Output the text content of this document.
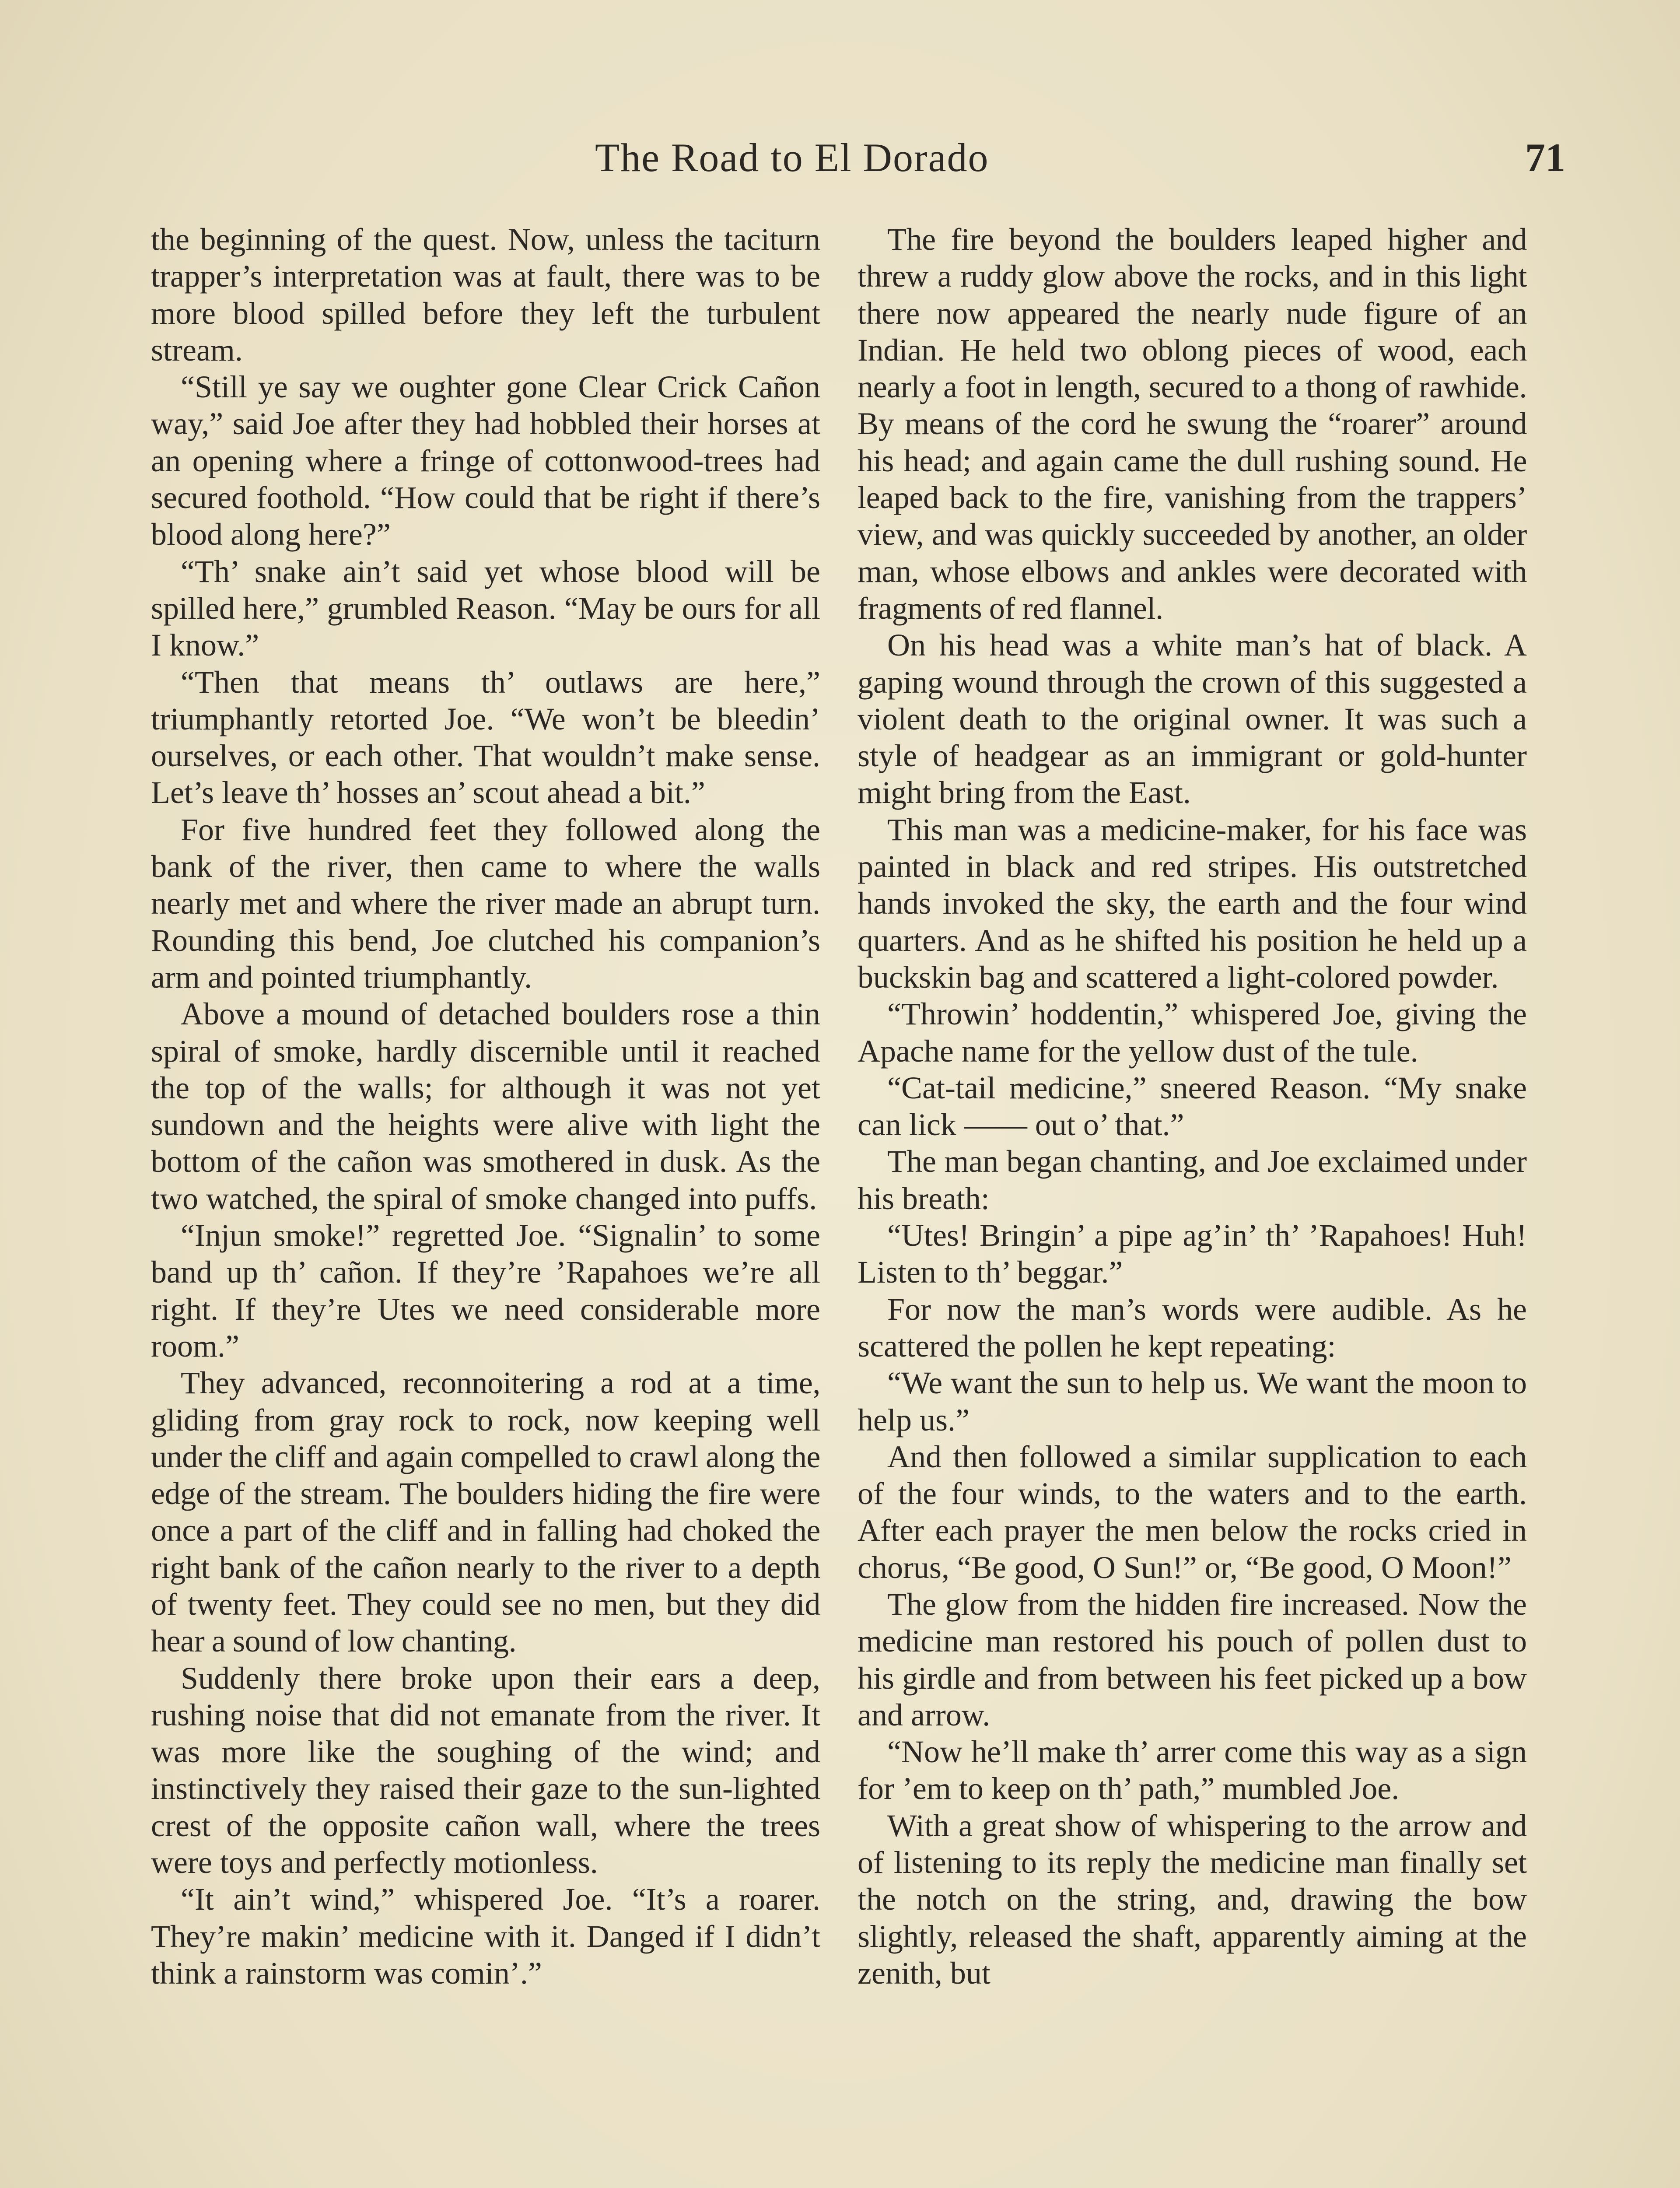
The Road to El Dorado	71

the beginning of the quest. Now, unless the taciturn trapper’s interpretation was at fault, there was to be more blood spilled before they left the turbulent stream.

“Still ye say we oughter gone Clear Crick Cañon way,” said Joe after they had hobbled their horses at an opening where a fringe of cottonwood-trees had secured foothold. “How could that be right if there’s blood along here?”

“Th’ snake ain’t said yet whose blood will be spilled here,” grumbled Reason. “May be ours for all I know.”

“Then that means th’ outlaws are here,” triumphantly retorted Joe. “We won’t be bleedin’ ourselves, or each other. That wouldn’t make sense. Let’s leave th’ hosses an’ scout ahead a bit.”

For five hundred feet they followed along the bank of the river, then came to where the walls nearly met and where the river made an abrupt turn. Rounding this bend, Joe clutched his companion’s arm and pointed triumphantly.

Above a mound of detached boulders rose a thin spiral of smoke, hardly discernible until it reached the top of the walls; for although it was not yet sundown and the heights were alive with light the bottom of the cañon was smothered in dusk. As the two watched, the spiral of smoke changed into puffs.

“Injun smoke!” regretted Joe. “Signalin’ to some band up th’ cañon. If they’re ’Rapahoes we’re all right. If they’re Utes we need considerable more room.”

They advanced, reconnoitering a rod at a time, gliding from gray rock to rock, now keeping well under the cliff and again compelled to crawl along the edge of the stream. The boulders hiding the fire were once a part of the cliff and in falling had choked the right bank of the cañon nearly to the river to a depth of twenty feet. They could see no men, but they did hear a sound of low chanting.

Suddenly there broke upon their ears a deep, rushing noise that did not emanate from the river. It was more like the soughing of the wind; and instinctively they raised their gaze to the sun-lighted crest of the opposite cañon wall, where the trees were toys and perfectly motionless.

“It ain’t wind,” whispered Joe. “It’s a roarer. They’re makin’ medicine with it. Danged if I didn’t think a rainstorm was comin’.”

The fire beyond the boulders leaped higher and threw a ruddy glow above the rocks, and in this light there now appeared the nearly nude figure of an Indian. He held two oblong pieces of wood, each nearly a foot in length, secured to a thong of rawhide. By means of the cord he swung the “roarer” around his head; and again came the dull rushing sound. He leaped back to the fire, vanishing from the trappers’ view, and was quickly succeeded by another, an older man, whose elbows and ankles were decorated with fragments of red flannel.

On his head was a white man’s hat of black. A gaping wound through the crown of this suggested a violent death to the original owner. It was such a style of headgear as an immigrant or gold-hunter might bring from the East.

This man was a medicine-maker, for his face was painted in black and red stripes. His outstretched hands invoked the sky, the earth and the four wind quarters. And as he shifted his position he held up a buckskin bag and scattered a light-colored powder.

“Throwin’ hoddentin,” whispered Joe, giving the Apache name for the yellow dust of the tule.

“Cat-tail medicine,” sneered Reason. “My snake can lick —— out o’ that.”

The man began chanting, and Joe exclaimed under his breath:

“Utes! Bringin’ a pipe ag’in’ th’ ’Rapahoes! Huh! Listen to th’ beggar.”

For now the man’s words were audible. As he scattered the pollen he kept repeating:

“We want the sun to help us. We want the moon to help us.”

And then followed a similar supplication to each of the four winds, to the waters and to the earth. After each prayer the men below the rocks cried in chorus, “Be good, O Sun!” or, “Be good, O Moon!”

The glow from the hidden fire increased. Now the medicine man restored his pouch of pollen dust to his girdle and from between his feet picked up a bow and arrow.

“Now he’ll make th’ arrer come this way as a sign for ’em to keep on th’ path,” mumbled Joe.

With a great show of whispering to the arrow and of listening to its reply the medicine man finally set the notch on the string, and, drawing the bow slightly, released the shaft, apparently aiming at the zenith, but
